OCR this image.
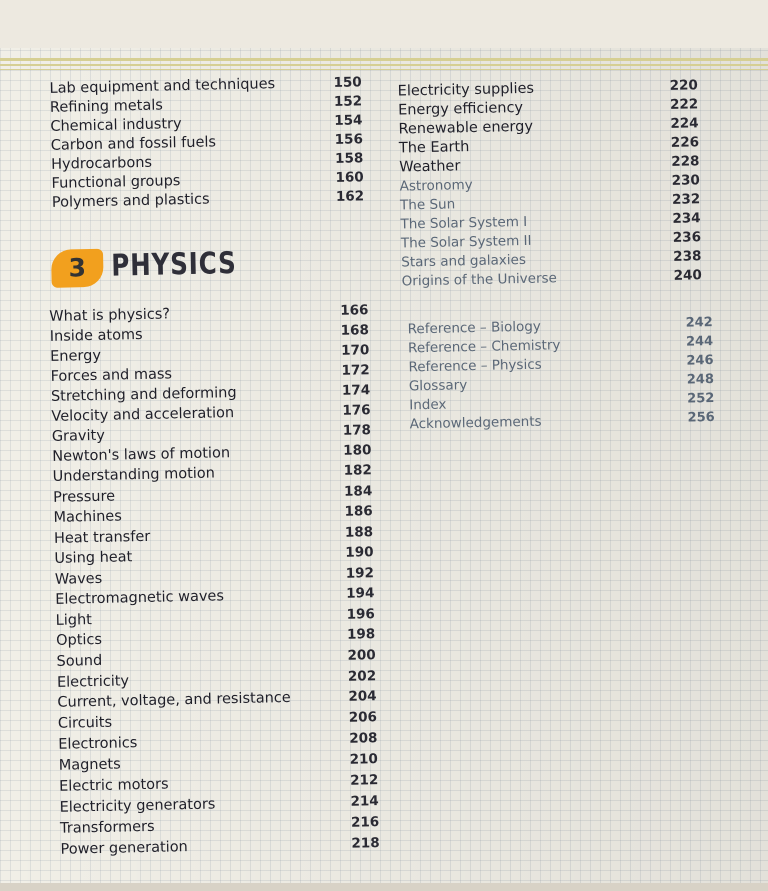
Lab equipment and techniques
Refining metals
Chemical industry
Carbon and fossil fuels
Hydrocarbons
Functional groups
Polymers and plastics
150
152
154
156
158
160
162
3 PHYSICS
What is physics?
Inside atoms
Energy
Forces and mass
Stretching and deforming
Velocity and acceleration
Gravity
Newton's laws of motion
Understanding motion
Pressure
Machines
Heat transfer
Using heat
Waves
Electromagnetic waves
Light
Optics
Sound
Electricity
Current, voltage, and resistance
Circuits
Electronics
Magnets
Electric motors
Electricity generators
Transformers
Power generation
166
168
170
172
174
176
178
180
182
184
186
188
190
192
194
196
198
200
202
204
206
208
210
212
214
216
218
Electricity supplies
Energy efficiency
Renewable energy
The Earth
Weather
Astronomy
The Sun
The Solar System I
The Solar System II
Stars and galaxies
Origins of the Universe
220
222
224
226
228
230
232
234
236
238
240
Reference – Biology
Reference – Chemistry
Reference – Physics
Glossary
Index
Acknowledgements
242
244
246
248
252
256
